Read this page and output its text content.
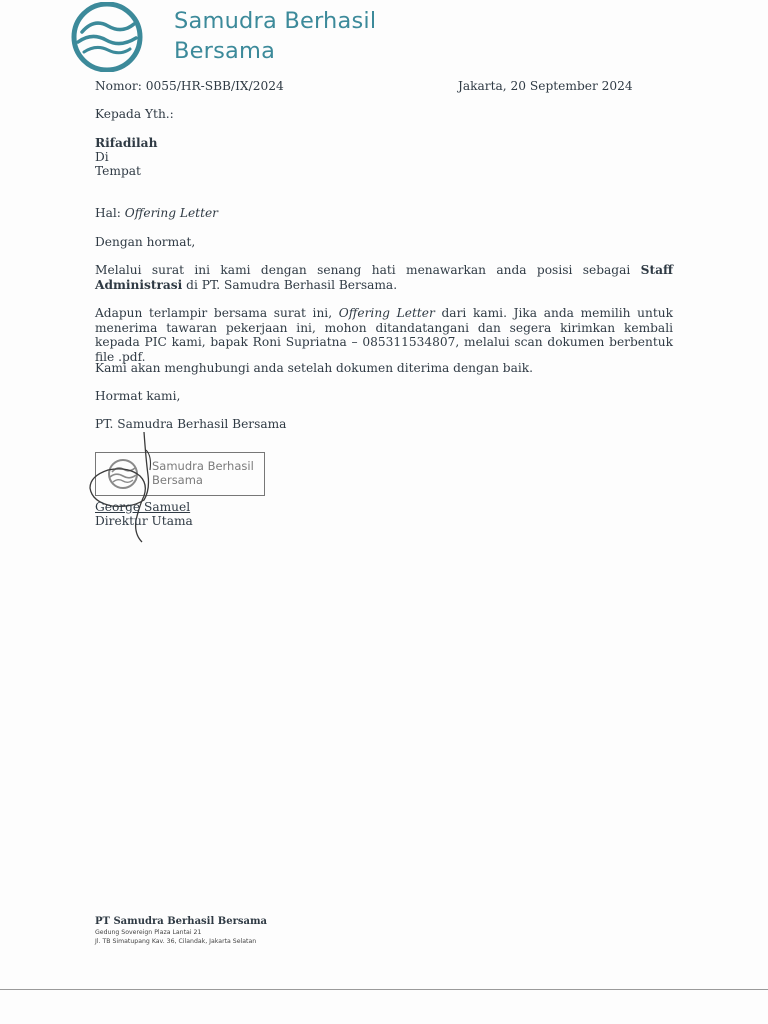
Samudra Berhasil
Bersama
Nomor: 0055/HR-SBB/IX/2024	Jakarta, 20 September 2024
Kepada Yth.:
Rifadilah
Di
Tempat
Hal: Offering Letter
Dengan hormat,
Melalui surat ini kami dengan senang hati menawarkan anda posisi sebagai Staff Administrasi di PT. Samudra Berhasil Bersama.
Adapun terlampir bersama surat ini, Offering Letter dari kami. Jika anda memilih untuk menerima tawaran pekerjaan ini, mohon ditandatangani dan segera kirimkan kembali kepada PIC kami, bapak Roni Supriatna – 085311534807, melalui scan dokumen berbentuk file .pdf.
Kami akan menghubungi anda setelah dokumen diterima dengan baik.
Hormat kami,
PT. Samudra Berhasil Bersama
Samudra Berhasil
Bersama
George Samuel
Direktur Utama
PT Samudra Berhasil Bersama
Gedung Sovereign Plaza Lantai 21
Jl. TB Simatupang Kav. 36, Cilandak, Jakarta Selatan
